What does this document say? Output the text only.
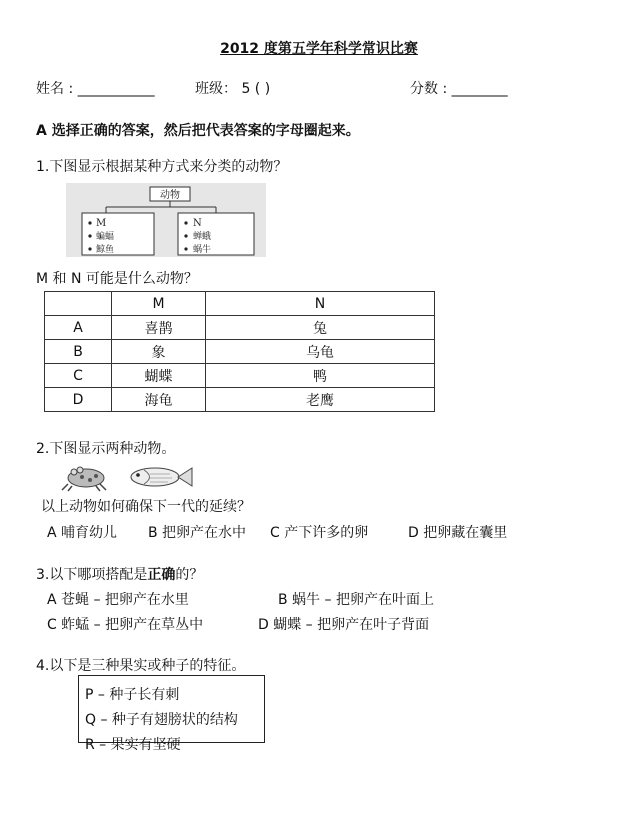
2012 度第五学年科学常识比赛
姓名 : ___________	班级： 5 ( )	分数 : ________
A 选择正确的答案，然后把代表答案的字母圈起来。
1.下图显示根据某种方式来分类的动物？
动物
M
蝙蝠
鲸鱼
N
蝉蛾
蜗牛
M 和 N 可能是什么动物？
	M	N
A	喜鹊	兔
B	象	乌龟
C	蝴蝶	鸭
D	海龟	老鹰
2.下图显示两种动物。
以上动物如何确保下一代的延续？
A 哺育幼儿 B 把卵产在水中 C 产下许多的卵	D 把卵藏在囊里
3.以下哪项搭配是正确的？
A 苍蝇 – 把卵产在水里	B 蜗牛 – 把卵产在叶面上
C 蚱蜢 – 把卵产在草丛中	D 蝴蝶 – 把卵产在叶子背面
4.以下是三种果实或种子的特征。
P – 种子长有刺
Q – 种子有翅膀状的结构
R – 果实有坚硬
